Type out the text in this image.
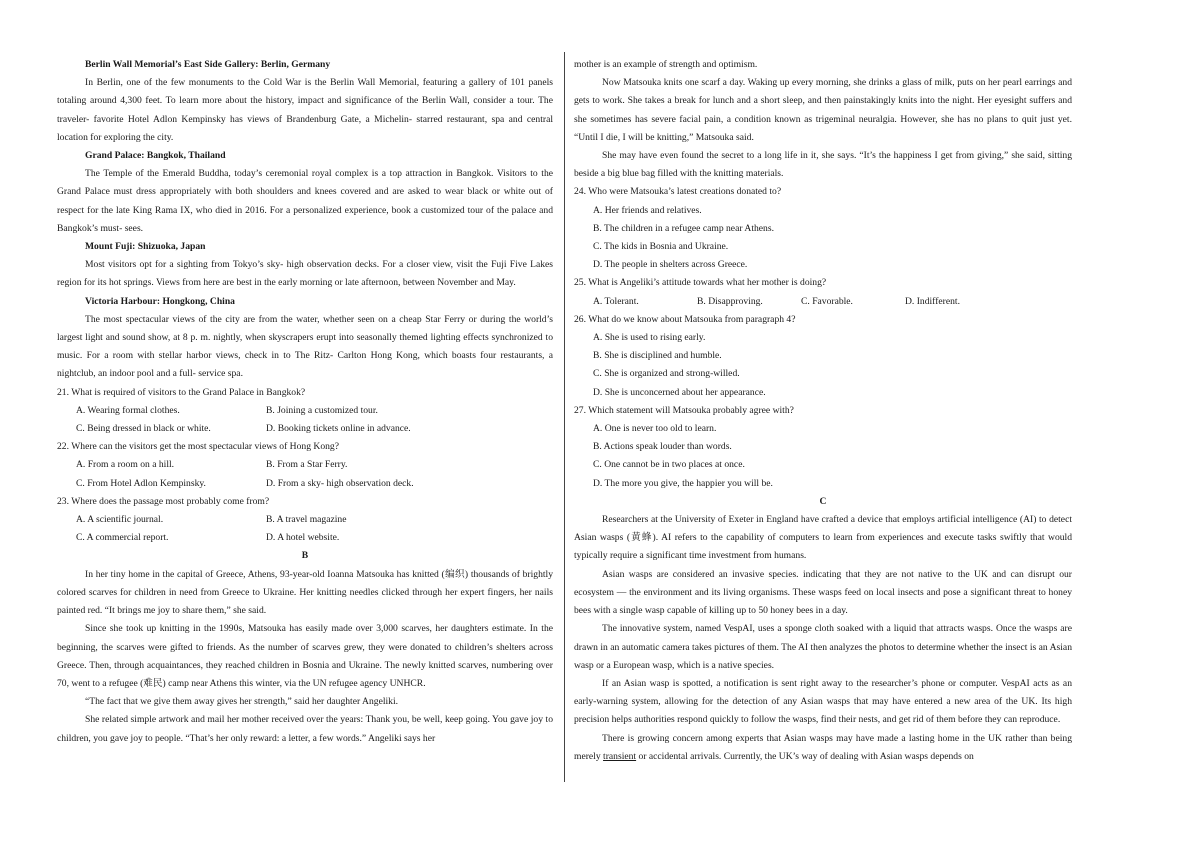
Berlin Wall Memorial’s East Side Gallery: Berlin, Germany

In Berlin, one of the few monuments to the Cold War is the Berlin Wall Memorial, featuring a gallery of 101 panels totaling around 4,300 feet. To learn more about the history, impact and significance of the Berlin Wall, consider a tour. The traveler- favorite Hotel Adlon Kempinsky has views of Brandenburg Gate, a Michelin- starred restaurant, spa and central location for exploring the city.

Grand Palace: Bangkok, Thailand

The Temple of the Emerald Buddha, today’s ceremonial royal complex is a top attraction in Bangkok. Visitors to the Grand Palace must dress appropriately with both shoulders and knees covered and are asked to wear black or white out of respect for the late King Rama IX, who died in 2016. For a personalized experience, book a customized tour of the palace and Bangkok’s must- sees.

Mount Fuji: Shizuoka, Japan

Most visitors opt for a sighting from Tokyo’s sky- high observation decks. For a closer view, visit the Fuji Five Lakes region for its hot springs. Views from here are best in the early morning or late afternoon, between November and May.

Victoria Harbour: Hongkong, China

The most spectacular views of the city are from the water, whether seen on a cheap Star Ferry or during the world’s largest light and sound show, at 8 p. m. nightly, when skyscrapers erupt into seasonally themed lighting effects synchronized to music. For a room with stellar harbor views, check in to The Ritz- Carlton Hong Kong, which boasts four restaurants, a nightclub, an indoor pool and a full- service spa.

21. What is required of visitors to the Grand Palace in Bangkok?

A. Wearing formal clothes.	B. Joining a customized tour.
C. Being dressed in black or white.	D. Booking tickets online in advance.

22. Where can the visitors get the most spectacular views of Hong Kong?

A. From a room on a hill.	B. From a Star Ferry.
C. From Hotel Adlon Kempinsky.	D. From a sky- high observation deck.

23. Where does the passage most probably come from?

A. A scientific journal.	B. A travel magazine
C. A commercial report.	D. A hotel website.

B

In her tiny home in the capital of Greece, Athens, 93-year-old Ioanna Matsouka has knitted (编织) thousands of brightly colored scarves for children in need from Greece to Ukraine. Her knitting needles clicked through her expert fingers, her nails painted red. “It brings me joy to share them,” she said.

Since she took up knitting in the 1990s, Matsouka has easily made over 3,000 scarves, her daughters estimate. In the beginning, the scarves were gifted to friends. As the number of scarves grew, they were donated to children’s shelters across Greece. Then, through acquaintances, they reached children in Bosnia and Ukraine. The newly knitted scarves, numbering over 70, went to a refugee (难民) camp near Athens this winter, via the UN refugee agency UNHCR.

“The fact that we give them away gives her strength,” said her daughter Angeliki.

She related simple artwork and mail her mother received over the years: Thank you, be well, keep going. You gave joy to children, you gave joy to people. “That’s her only reward: a letter, a few words.” Angeliki says her

mother is an example of strength and optimism.

Now Matsouka knits one scarf a day. Waking up every morning, she drinks a glass of milk, puts on her pearl earrings and gets to work. She takes a break for lunch and a short sleep, and then painstakingly knits into the night. Her eyesight suffers and she sometimes has severe facial pain, a condition known as trigeminal neuralgia. However, she has no plans to quit just yet. “Until I die, I will be knitting,” Matsouka said.

She may have even found the secret to a long life in it, she says. “It’s the happiness I get from giving,” she said, sitting beside a big blue bag filled with the knitting materials.

24. Who were Matsouka’s latest creations donated to?

A. Her friends and relatives.

B. The children in a refugee camp near Athens.

C. The kids in Bosnia and Ukraine.

D. The people in shelters across Greece.

25. What is Angeliki’s attitude towards what her mother is doing?

A. Tolerant.	B. Disapproving.	C. Favorable.	D. Indifferent.

26. What do we know about Matsouka from paragraph 4?

A. She is used to rising early.

B. She is disciplined and humble.

C. She is organized and strong-willed.

D. She is unconcerned about her appearance.

27. Which statement will Matsouka probably agree with?

A. One is never too old to learn.

B. Actions speak louder than words.

C. One cannot be in two places at once.

D. The more you give, the happier you will be.

C

Researchers at the University of Exeter in England have crafted a device that employs artificial intelligence (AI) to detect Asian wasps (黄蜂). AI refers to the capability of computers to learn from experiences and execute tasks swiftly that would typically require a significant time investment from humans.

Asian wasps are considered an invasive species. indicating that they are not native to the UK and can disrupt our ecosystem — the environment and its living organisms. These wasps feed on local insects and pose a significant threat to honey bees with a single wasp capable of killing up to 50 honey bees in a day.

The innovative system, named VespAI, uses a sponge cloth soaked with a liquid that attracts wasps. Once the wasps are drawn in an automatic camera takes pictures of them. The AI then analyzes the photos to determine whether the insect is an Asian wasp or a European wasp, which is a native species.

If an Asian wasp is spotted, a notification is sent right away to the researcher’s phone or computer. VespAI acts as an early-warning system, allowing for the detection of any Asian wasps that may have entered a new area of the UK. Its high precision helps authorities respond quickly to follow the wasps, find their nests, and get rid of them before they can reproduce.

There is growing concern among experts that Asian wasps may have made a lasting home in the UK rather than being merely transient or accidental arrivals. Currently, the UK’s way of dealing with Asian wasps depends on
